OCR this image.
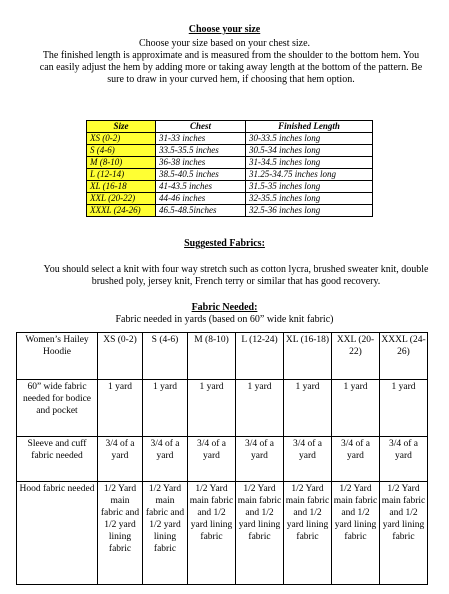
Choose your size
Choose your size based on your chest size.
The finished length is approximate and is measured from the shoulder to the bottom hem. You can easily adjust the hem by adding more or taking away length at the bottom of the pattern. Be sure to draw in your curved hem, if choosing that hem option.
Size	Chest	Finished Length
XS (0-2)	31-33 inches	30-33.5 inches long
S (4-6)	33.5-35.5 inches	30.5-34 inches long
M (8-10)	36-38 inches	31-34.5 inches long
L (12-14)	38.5-40.5 inches	31.25-34.75 inches long
XL (16-18	41-43.5 inches	31.5-35 inches long
XXL (20-22)	44-46 inches	32-35.5 inches long
XXXL (24-26)	46.5-48.5inches	32.5-36 inches long
Suggested Fabrics:
You should select a knit with four way stretch such as cotton lycra, brushed sweater knit, double brushed poly, jersey knit, French terry or similar that has good recovery.
Fabric Needed:
Fabric needed in yards (based on 60” wide knit fabric)
Women’s Hailey Hoodie	XS (0-2)	S (4-6)	M (8-10)	L (12-24)	XL (16-18)	XXL (20-22)	XXXL (24-26)
60” wide fabric needed for bodice and pocket	1 yard	1 yard	1 yard	1 yard	1 yard	1 yard	1 yard
Sleeve and cuff fabric needed	3/4 of a yard	3/4 of a yard	3/4 of a yard	3/4 of a yard	3/4 of a yard	3/4 of a yard	3/4 of a yard
Hood fabric needed	1/2 Yard main fabric and 1/2 yard lining fabric	1/2 Yard main fabric and 1/2 yard lining fabric	1/2 Yard main fabric and 1/2 yard lining fabric	1/2 Yard main fabric and 1/2 yard lining fabric	1/2 Yard main fabric and 1/2 yard lining fabric	1/2 Yard main fabric and 1/2 yard lining fabric	1/2 Yard main fabric and 1/2 yard lining fabric
